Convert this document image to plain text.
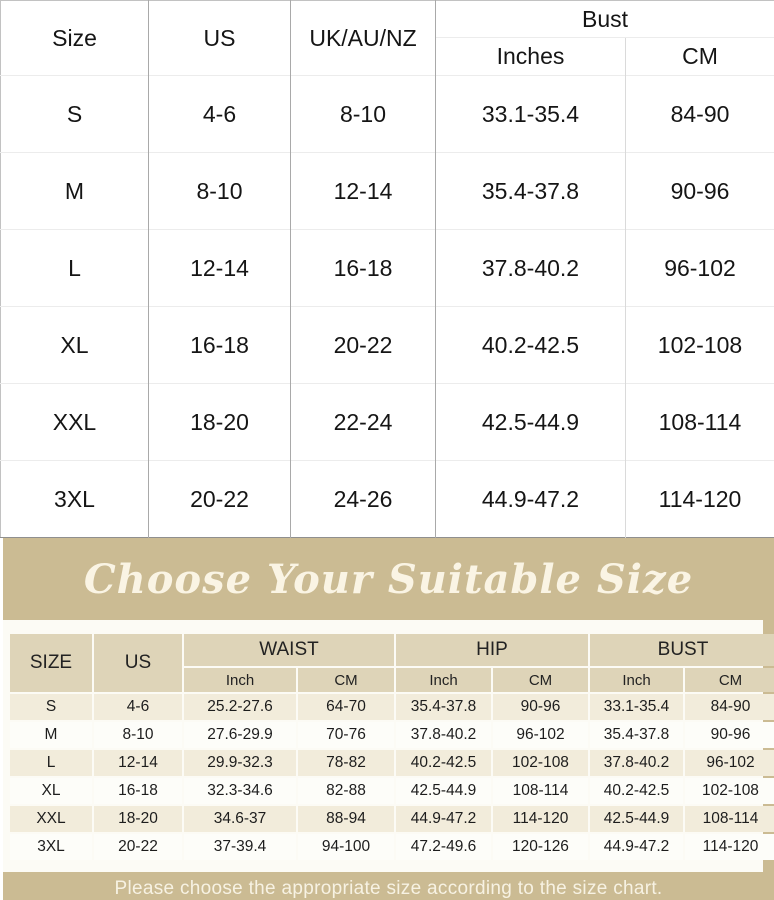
Size	US	UK/AU/NZ	Bust	
			Inches	CM
S	4-6	8-10	33.1-35.4	84-90
M	8-10	12-14	35.4-37.8	90-96
L	12-14	16-18	37.8-40.2	96-102
XL	16-18	20-22	40.2-42.5	102-108
XXL	18-20	22-24	42.5-44.9	108-114
3XL	20-22	24-26	44.9-47.2	114-120
Choose Your Suitable Size
SIZE	US	WAIST		HIP		BUST	
		Inch	CM	Inch	CM	Inch	CM
S	4-6	25.2-27.6	64-70	35.4-37.8	90-96	33.1-35.4	84-90
M	8-10	27.6-29.9	70-76	37.8-40.2	96-102	35.4-37.8	90-96
L	12-14	29.9-32.3	78-82	40.2-42.5	102-108	37.8-40.2	96-102
XL	16-18	32.3-34.6	82-88	42.5-44.9	108-114	40.2-42.5	102-108
XXL	18-20	34.6-37	88-94	44.9-47.2	114-120	42.5-44.9	108-114
3XL	20-22	37-39.4	94-100	47.2-49.6	120-126	44.9-47.2	114-120
Please choose the appropriate size according to the size chart.
